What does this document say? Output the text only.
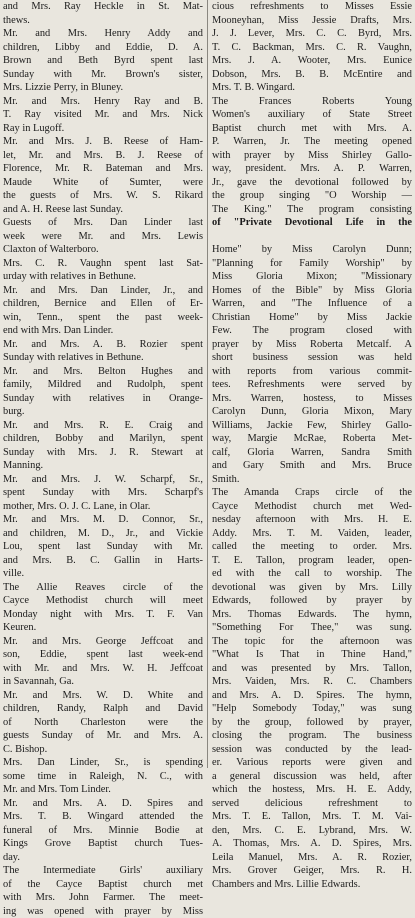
and Mrs. Ray Heckle in St. Mat-
thews.
Mr. and Mrs. Henry Addy and
children, Libby and Eddie, D. A.
Brown and Beth Byrd spent last
Sunday with Mr. Brown's sister,
Mrs. Lizzie Perry, in Bluney.
Mr. and Mrs. Henry Ray and B.
T. Ray visited Mr. and Mrs. Nick
Ray in Lugoff.
Mr. and Mrs. J. B. Reese of Ham-
let, Mr. and Mrs. B. J. Reese of
Florence, Mr. R. Bateman and Mrs.
Maude White of Sumter, were
the guests of Mrs. W. S. Rikard
and A. H. Reese last Sunday.
Guests of Mrs. Dan Linder last
week were Mr. and Mrs. Lewis
Claxton of Walterboro.
Mrs. C. R. Vaughn spent last Sat-
urday with relatives in Bethune.
Mr. and Mrs. Dan Linder, Jr., and
children, Bernice and Ellen of Er-
win, Tenn., spent the past week-
end with Mrs. Dan Linder.
Mr. and Mrs. A. B. Rozier spent
Sunday with relatives in Bethune.
Mr. and Mrs. Belton Hughes and
family, Mildred and Rudolph, spent
Sunday with relatives in Orange-
burg.
Mr. and Mrs. R. E. Craig and
children, Bobby and Marilyn, spent
Sunday with Mrs. J. R. Stewart at
Manning.
Mr. and Mrs. J. W. Scharpf, Sr.,
spent Sunday with Mrs. Scharpf's
mother, Mrs. O. J. C. Lane, in Olar.
Mr. and Mrs. M. D. Connor, Sr.,
and children, M. D., Jr., and Vickie
Lou, spent last Sunday with Mr.
and Mrs. B. C. Gallin in Harts-
ville.
The Allie Reaves circle of the
Cayce Methodist church will meet
Monday night with Mrs. T. F. Van
Keuren.
Mr. and Mrs. George Jeffcoat and
son, Eddie, spent last week-end
with Mr. and Mrs. W. H. Jeffcoat
in Savannah, Ga.
Mr. and Mrs. W. D. White and
children, Randy, Ralph and David
of North Charleston were the
guests Sunday of Mr. and Mrs. A.
C. Bishop.
Mrs. Dan Linder, Sr., is spending
some time in Raleigh, N. C., with
Mr. and Mrs. Tom Linder.
Mr. and Mrs. A. D. Spires and
Mrs. T. B. Wingard attended the
funeral of Mrs. Minnie Bodie at
Kings Grove Baptist church Tues-
day.
The Intermediate Girls' auxiliary
of the Cayce Baptist church met
with Mrs. John Farmer. The meet-
ing was opened with prayer by Miss
cious refreshments to Misses Essie
Mooneyhan, Miss Jessie Drafts, Mrs.
J. J. Lever, Mrs. C. C. Byrd, Mrs.
T. C. Backman, Mrs. C. R. Vaughn,
Mrs. J. A. Wooter, Mrs. Eunice
Dobson, Mrs. B. B. McEntire and
Mrs. T. B. Wingard.
The Frances Roberts Young
Women's auxiliary of State Street
Baptist church met with Mrs. A.
P. Warren, Jr. The meeting opened
with prayer by Miss Shirley Gallo-
way, president. Mrs. A. P. Warren,
Jr., gave the devotional followed by
the group singing "O Worship —
The King." The program consisting
of "Private Devotional Life in the
Home" by Miss Carolyn Dunn;
"Planning for Family Worship" by
Miss Gloria Mixon; "Missionary
Homes of the Bible" by Miss Gloria
Warren, and "The Influence of a
Christian Home" by Miss Jackie
Few. The program closed with
prayer by Miss Roberta Metcalf. A
short business session was held
with reports from various commit-
tees. Refreshments were served by
Mrs. Warren, hostess, to Misses
Carolyn Dunn, Gloria Mixon, Mary
Williams, Jackie Few, Shirley Gallo-
way, Margie McRae, Roberta Met-
calf, Gloria Warren, Sandra Smith
and Gary Smith and Mrs. Bruce
Smith.
The Amanda Craps circle of the
Cayce Methodist church met Wed-
nesday afternoon with Mrs. H. E.
Addy. Mrs. T. M. Vaiden, leader,
called the meeting to order. Mrs.
T. E. Tallon, program leader, open-
ed with the call to worship. The
devotional was given by Mrs. Lilly
Edwards, followed by prayer by
Mrs. Thomas Edwards. The hymn,
"Something For Thee," was sung.
The topic for the afternoon was
"What Is That in Thine Hand,"
and was presented by Mrs. Tallon,
Mrs. Vaiden, Mrs. R. C. Chambers
and Mrs. A. D. Spires. The hymn,
"Help Somebody Today," was sung
by the group, followed by prayer,
closing the program. The business
session was conducted by the lead-
er. Various reports were given and
a general discussion was held, after
which the hostess, Mrs. H. E. Addy,
served delicious refreshment to
Mrs. T. E. Tallon, Mrs. T. M. Vai-
den, Mrs. C. E. Lybrand, Mrs. W.
A. Thomas, Mrs. A. D. Spires, Mrs.
Leila Manuel, Mrs. A. R. Rozier,
Mrs. Grover Geiger, Mrs. R. H.
Chambers and Mrs. Lillie Edwards.
